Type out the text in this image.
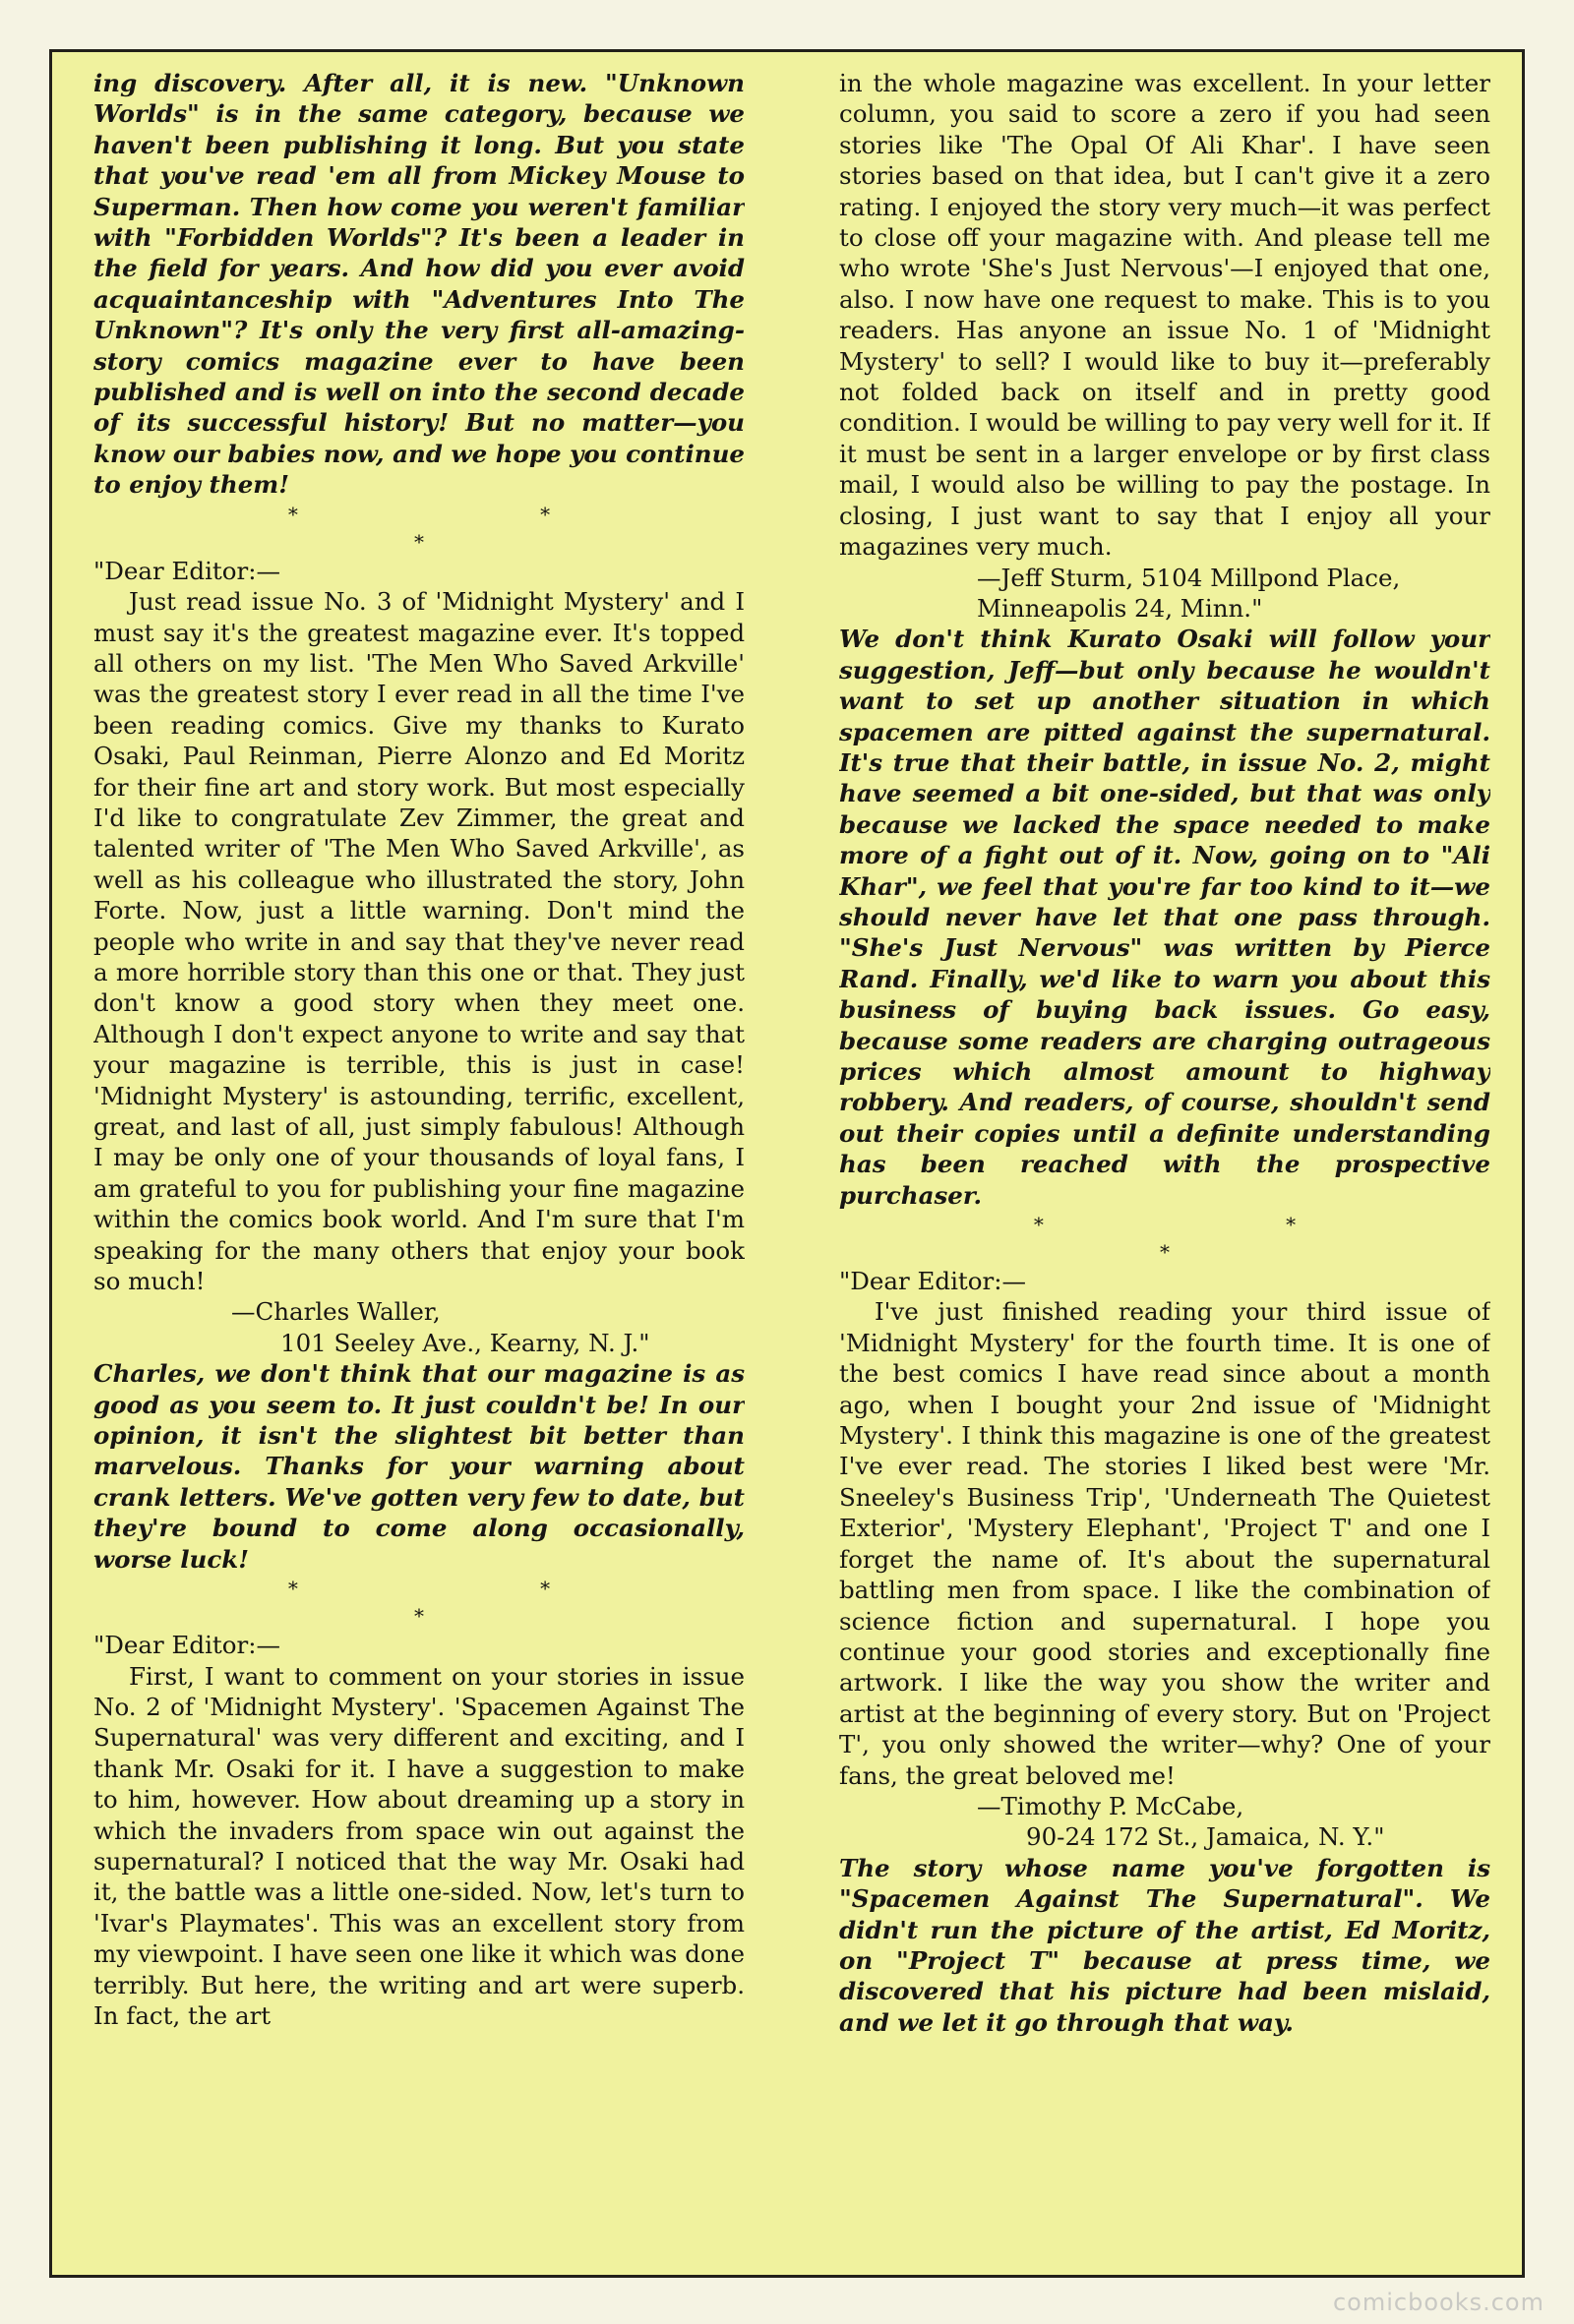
ing discovery. After all, it is new. "Unknown Worlds" is in the same category, because we haven't been publishing it long. But you state that you've read 'em all from Mickey Mouse to Superman. Then how come you weren't familiar with "Forbidden Worlds"? It's been a leader in the field for years. And how did you ever avoid acquaintanceship with "Adventures Into The Unknown"? It's only the very first all-amazing-story comics magazine ever to have been published and is well on into the second decade of its successful history! But no matter—you know our babies now, and we hope you continue to enjoy them!

* * *

"Dear Editor:—

Just read issue No. 3 of 'Midnight Mystery' and I must say it's the greatest magazine ever. It's topped all others on my list. 'The Men Who Saved Arkville' was the greatest story I ever read in all the time I've been reading comics. Give my thanks to Kurato Osaki, Paul Reinman, Pierre Alonzo and Ed Moritz for their fine art and story work. But most especially I'd like to congratulate Zev Zimmer, the great and talented writer of 'The Men Who Saved Arkville', as well as his colleague who illustrated the story, John Forte. Now, just a little warning. Don't mind the people who write in and say that they've never read a more horrible story than this one or that. They just don't know a good story when they meet one. Although I don't expect anyone to write and say that your magazine is terrible, this is just in case! 'Midnight Mystery' is astounding, terrific, excellent, great, and last of all, just simply fabulous! Although I may be only one of your thousands of loyal fans, I am grateful to you for publishing your fine magazine within the comics book world. And I'm sure that I'm speaking for the many others that enjoy your book so much!

—Charles Waller,
101 Seeley Ave., Kearny, N. J."

Charles, we don't think that our magazine is as good as you seem to. It just couldn't be! In our opinion, it isn't the slightest bit better than marvelous. Thanks for your warning about crank letters. We've gotten very few to date, but they're bound to come along occasionally, worse luck!

* * *

"Dear Editor:—

First, I want to comment on your stories in issue No. 2 of 'Midnight Mystery'. 'Spacemen Against The Supernatural' was very different and exciting, and I thank Mr. Osaki for it. I have a suggestion to make to him, however. How about dreaming up a story in which the invaders from space win out against the supernatural? I noticed that the way Mr. Osaki had it, the battle was a little one-sided. Now, let's turn to 'Ivar's Playmates'. This was an excellent story from my viewpoint. I have seen one like it which was done terribly. But here, the writing and art were superb. In fact, the art

in the whole magazine was excellent. In your letter column, you said to score a zero if you had seen stories like 'The Opal Of Ali Khar'. I have seen stories based on that idea, but I can't give it a zero rating. I enjoyed the story very much—it was perfect to close off your magazine with. And please tell me who wrote 'She's Just Nervous'—I enjoyed that one, also. I now have one request to make. This is to you readers. Has anyone an issue No. 1 of 'Midnight Mystery' to sell? I would like to buy it—preferably not folded back on itself and in pretty good condition. I would be willing to pay very well for it. If it must be sent in a larger envelope or by first class mail, I would also be willing to pay the postage. In closing, I just want to say that I enjoy all your magazines very much.

—Jeff Sturm, 5104 Millpond Place,
Minneapolis 24, Minn."

We don't think Kurato Osaki will follow your suggestion, Jeff—but only because he wouldn't want to set up another situation in which spacemen are pitted against the supernatural. It's true that their battle, in issue No. 2, might have seemed a bit one-sided, but that was only because we lacked the space needed to make more of a fight out of it. Now, going on to "Ali Khar", we feel that you're far too kind to it—we should never have let that one pass through. "She's Just Nervous" was written by Pierce Rand. Finally, we'd like to warn you about this business of buying back issues. Go easy, because some readers are charging outrageous prices which almost amount to highway robbery. And readers, of course, shouldn't send out their copies until a definite understanding has been reached with the prospective purchaser.

* * *

"Dear Editor:—

I've just finished reading your third issue of 'Midnight Mystery' for the fourth time. It is one of the best comics I have read since about a month ago, when I bought your 2nd issue of 'Midnight Mystery'. I think this magazine is one of the greatest I've ever read. The stories I liked best were 'Mr. Sneeley's Business Trip', 'Underneath The Quietest Exterior', 'Mystery Elephant', 'Project T' and one I forget the name of. It's about the supernatural battling men from space. I like the combination of science fiction and supernatural. I hope you continue your good stories and exceptionally fine artwork. I like the way you show the writer and artist at the beginning of every story. But on 'Project T', you only showed the writer—why? One of your fans, the great beloved me!

—Timothy P. McCabe,
90-24 172 St., Jamaica, N. Y."

The story whose name you've forgotten is "Spacemen Against The Supernatural". We didn't run the picture of the artist, Ed Moritz, on "Project T" because at press time, we discovered that his picture had been mislaid, and we let it go through that way.

comicbooks.com
